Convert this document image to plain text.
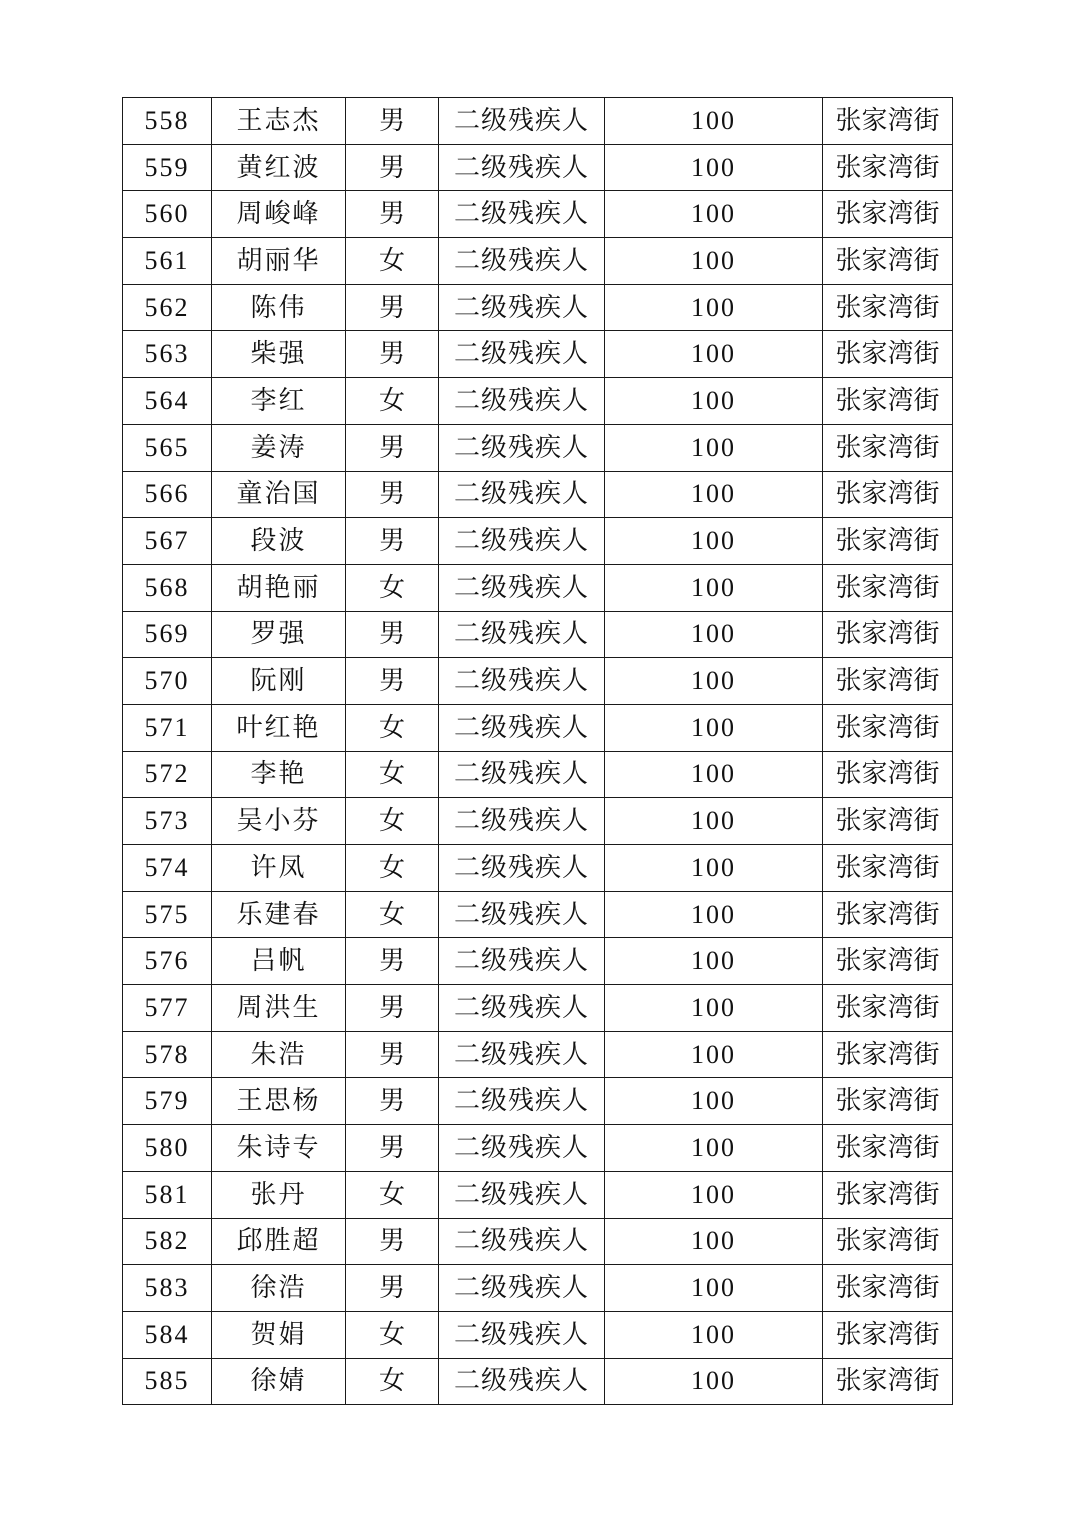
558	王志杰	男	二级残疾人	100	张家湾街
559	黄红波	男	二级残疾人	100	张家湾街
560	周峻峰	男	二级残疾人	100	张家湾街
561	胡丽华	女	二级残疾人	100	张家湾街
562	陈伟	男	二级残疾人	100	张家湾街
563	柴强	男	二级残疾人	100	张家湾街
564	李红	女	二级残疾人	100	张家湾街
565	姜涛	男	二级残疾人	100	张家湾街
566	童治国	男	二级残疾人	100	张家湾街
567	段波	男	二级残疾人	100	张家湾街
568	胡艳丽	女	二级残疾人	100	张家湾街
569	罗强	男	二级残疾人	100	张家湾街
570	阮刚	男	二级残疾人	100	张家湾街
571	叶红艳	女	二级残疾人	100	张家湾街
572	李艳	女	二级残疾人	100	张家湾街
573	吴小芬	女	二级残疾人	100	张家湾街
574	许凤	女	二级残疾人	100	张家湾街
575	乐建春	女	二级残疾人	100	张家湾街
576	吕帆	男	二级残疾人	100	张家湾街
577	周洪生	男	二级残疾人	100	张家湾街
578	朱浩	男	二级残疾人	100	张家湾街
579	王思杨	男	二级残疾人	100	张家湾街
580	朱诗专	男	二级残疾人	100	张家湾街
581	张丹	女	二级残疾人	100	张家湾街
582	邱胜超	男	二级残疾人	100	张家湾街
583	徐浩	男	二级残疾人	100	张家湾街
584	贺娟	女	二级残疾人	100	张家湾街
585	徐婧	女	二级残疾人	100	张家湾街
